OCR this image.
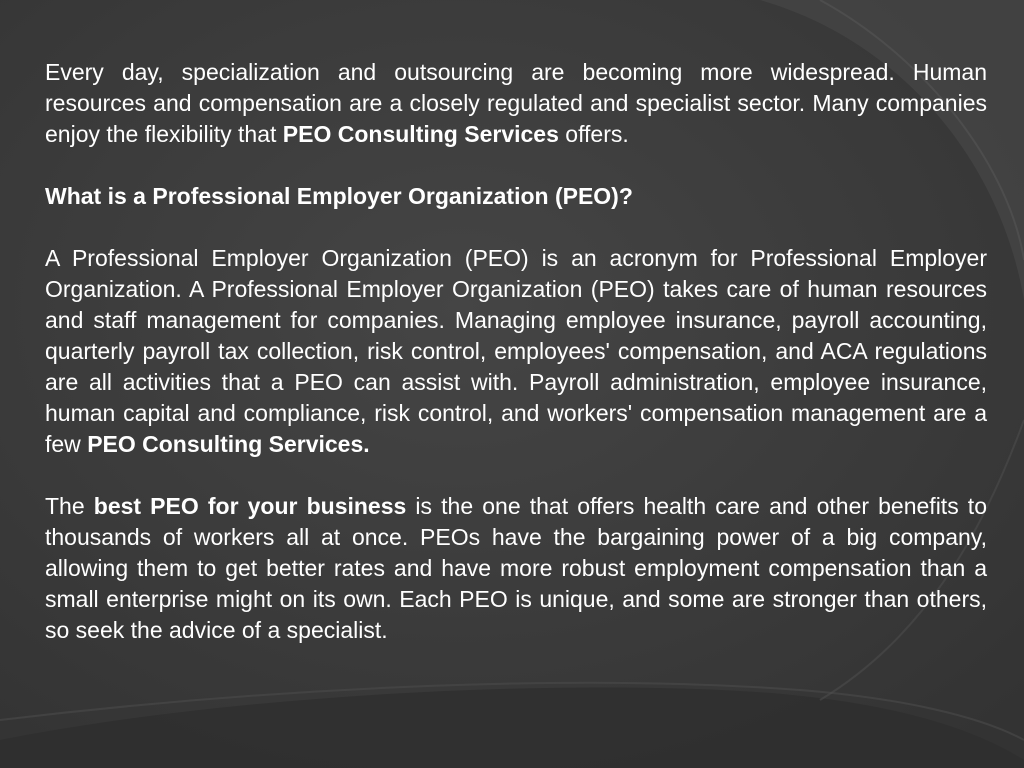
Every day, specialization and outsourcing are becoming more widespread. Human resources and compensation are a closely regulated and specialist sector. Many companies enjoy the flexibility that PEO Consulting Services offers.

What is a Professional Employer Organization (PEO)?

A Professional Employer Organization (PEO) is an acronym for Professional Employer Organization. A Professional Employer Organization (PEO) takes care of human resources and staff management for companies. Managing employee insurance, payroll accounting, quarterly payroll tax collection, risk control, employees' compensation, and ACA regulations are all activities that a PEO can assist with. Payroll administration, employee insurance, human capital and compliance, risk control, and workers' compensation management are a few PEO Consulting Services.

The best PEO for your business is the one that offers health care and other benefits to thousands of workers all at once. PEOs have the bargaining power of a big company, allowing them to get better rates and have more robust employment compensation than a small enterprise might on its own. Each PEO is unique, and some are stronger than others, so seek the advice of a specialist.
